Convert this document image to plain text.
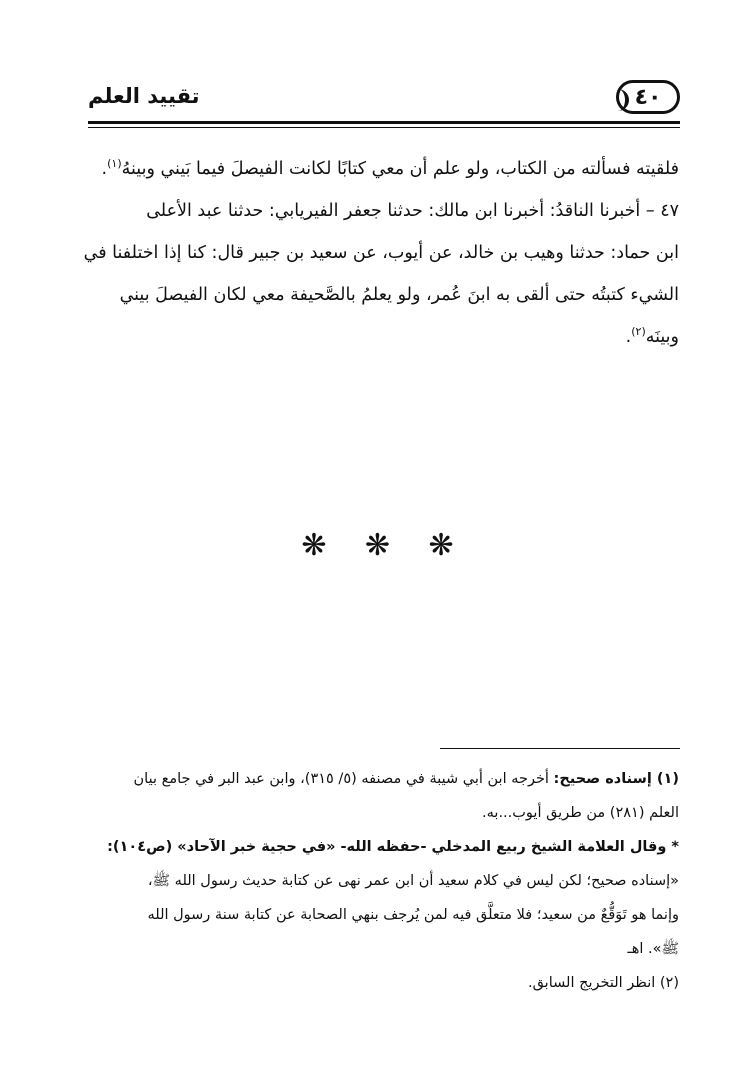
٤٠
تقييد العلم
فلقيته فسألته من الكتاب، ولو علم أن معي كتابًا لكانت الفيصلَ فيما بَيني وبينهُ$^{(١)}$.
٤٧ – أخبرنا الناقدُ: أخبرنا ابن مالك: حدثنا جعفر الفيريابي: حدثنا عبد الأعلى
ابن حماد: حدثنا وهيب بن خالد، عن أيوب، عن سعيد بن جبير قال: كنا إذا اختلفنا في
الشيء كتبتُه حتى ألقى به ابنَ عُمر، ولو يعلمُ بالصَّحيفة معي لكان الفيصلَ بيني
وبينَه$^{(٢)}$.
❋ ❋ ❋
(١) إسناده صحيح: أخرجه ابن أبي شيبة في مصنفه (٥/ ٣١٥)، وابن عبد البر في جامع بيان
العلم (٢٨١) من طريق أيوب...به.
* وقال العلامة الشيخ ربيع المدخلي -حفظه الله- «في حجية خبر الآحاد» (ص١٠٤):
«إسناده صحيح؛ لكن ليس في كلام سعيد أن ابن عمر نهى عن كتابة حديث رسول الله ﷺ،
وإنما هو تَوَقُّعٌ من سعيد؛ فلا متعلَّق فيه لمن يُرجف بنهي الصحابة عن كتابة سنة رسول الله
ﷺ». اهـ
(٢) انظر التخريج السابق.
